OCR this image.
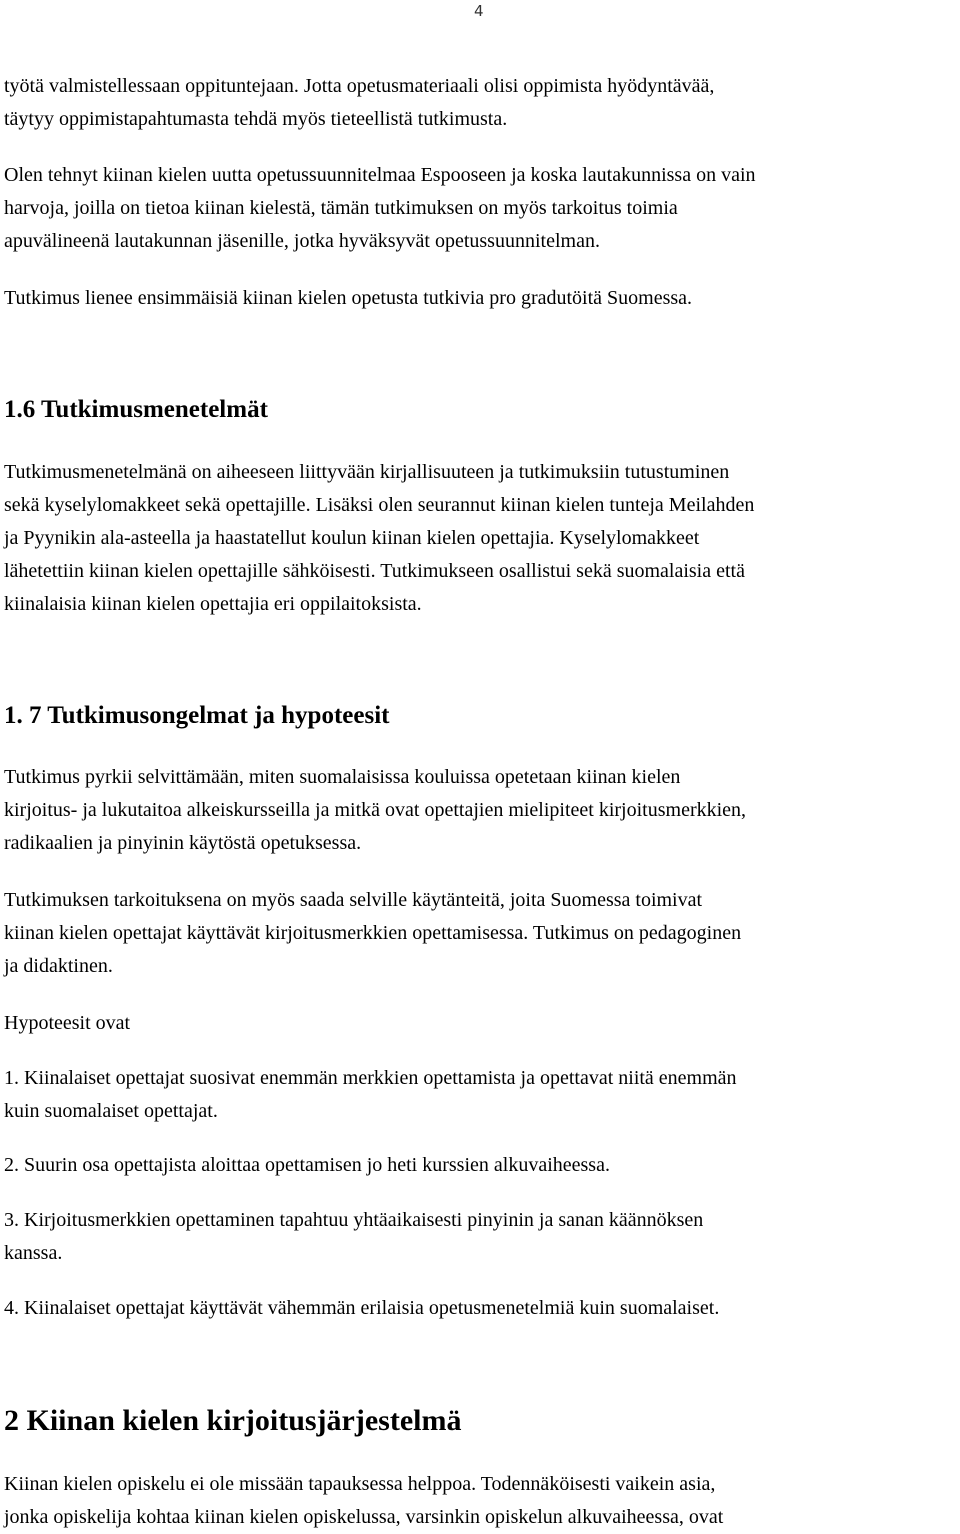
4
työtä valmistellessaan oppituntejaan. Jotta opetusmateriaali olisi oppimista hyödyntävää,
täytyy oppimistapahtumasta tehdä myös tieteellistä tutkimusta.
Olen tehnyt kiinan kielen uutta opetussuunnitelmaa Espooseen ja koska lautakunnissa on vain
harvoja, joilla on tietoa kiinan kielestä, tämän tutkimuksen on myös tarkoitus toimia
apuvälineenä lautakunnan jäsenille, jotka hyväksyvät opetussuunnitelman.
Tutkimus lienee ensimmäisiä kiinan kielen opetusta tutkivia pro gradutöitä Suomessa.
1.6 Tutkimusmenetelmät
Tutkimusmenetelmänä on aiheeseen liittyvään kirjallisuuteen ja tutkimuksiin tutustuminen
sekä kyselylomakkeet sekä opettajille. Lisäksi olen seurannut kiinan kielen tunteja Meilahden
ja Pyynikin ala-asteella ja haastatellut koulun kiinan kielen opettajia. Kyselylomakkeet
lähetettiin kiinan kielen opettajille sähköisesti. Tutkimukseen osallistui sekä suomalaisia että
kiinalaisia kiinan kielen opettajia eri oppilaitoksista.
1. 7 Tutkimusongelmat ja hypoteesit
Tutkimus pyrkii selvittämään, miten suomalaisissa kouluissa opetetaan kiinan kielen
kirjoitus- ja lukutaitoa alkeiskursseilla ja mitkä ovat opettajien mielipiteet kirjoitusmerkkien,
radikaalien ja pinyinin käytöstä opetuksessa.
Tutkimuksen tarkoituksena on myös saada selville käytänteitä, joita Suomessa toimivat
kiinan kielen opettajat käyttävät kirjoitusmerkkien opettamisessa. Tutkimus on pedagoginen
ja didaktinen.
Hypoteesit ovat
1. Kiinalaiset opettajat suosivat enemmän merkkien opettamista ja opettavat niitä enemmän
kuin suomalaiset opettajat.
2. Suurin osa opettajista aloittaa opettamisen jo heti kurssien alkuvaiheessa.
3. Kirjoitusmerkkien opettaminen tapahtuu yhtäaikaisesti pinyinin ja sanan käännöksen
kanssa.
4. Kiinalaiset opettajat käyttävät vähemmän erilaisia opetusmenetelmiä kuin suomalaiset.
2 Kiinan kielen kirjoitusjärjestelmä
Kiinan kielen opiskelu ei ole missään tapauksessa helppoa. Todennäköisesti vaikein asia,
jonka opiskelija kohtaa kiinan kielen opiskelussa, varsinkin opiskelun alkuvaiheessa, ovat
